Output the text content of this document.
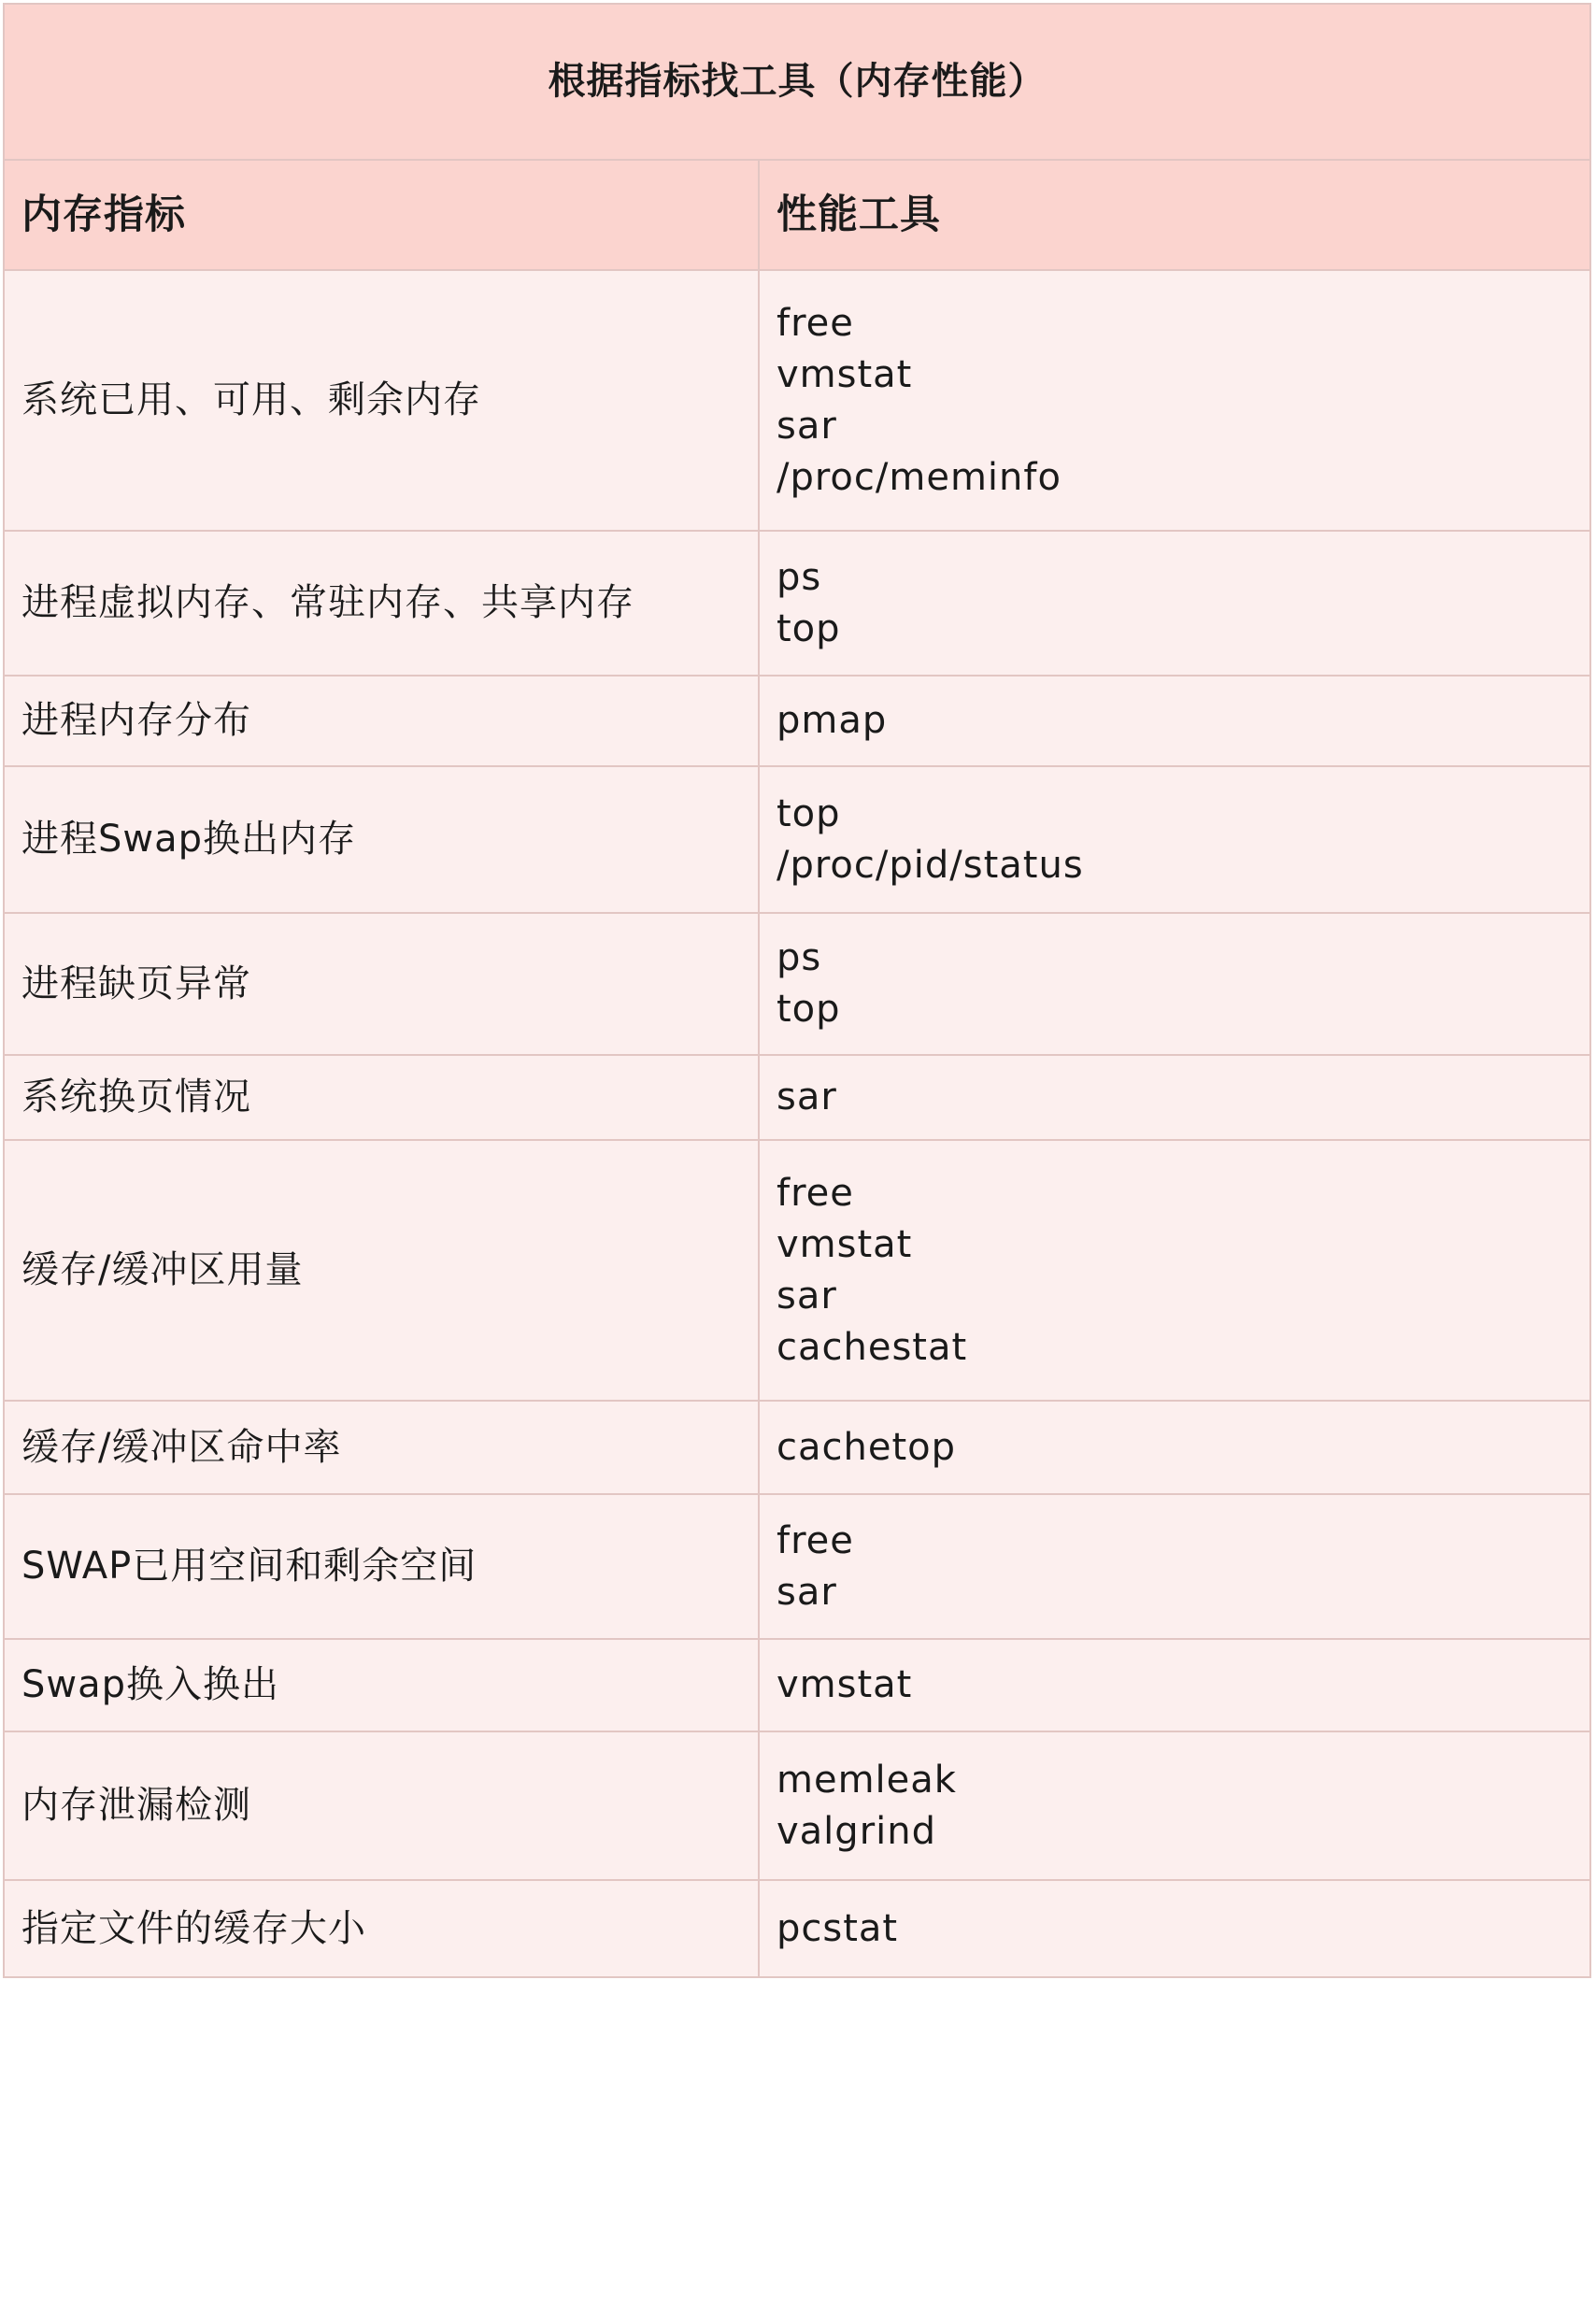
根据指标找工具（内存性能）	
内存指标	性能工具
系统已用、可用、剩余内存	free
vmstat
sar
/proc/meminfo

进程虚拟内存、常驻内存、共享内存	ps
top

进程内存分布	pmap

进程Swap换出内存	top
/proc/pid/status

进程缺页异常	ps
top

系统换页情况	sar

缓存/缓冲区用量	free
vmstat
sar
cachestat

缓存/缓冲区命中率	cachetop

SWAP已用空间和剩余空间	free
sar

Swap换入换出	vmstat

内存泄漏检测	memleak
valgrind

指定文件的缓存大小	pcstat
